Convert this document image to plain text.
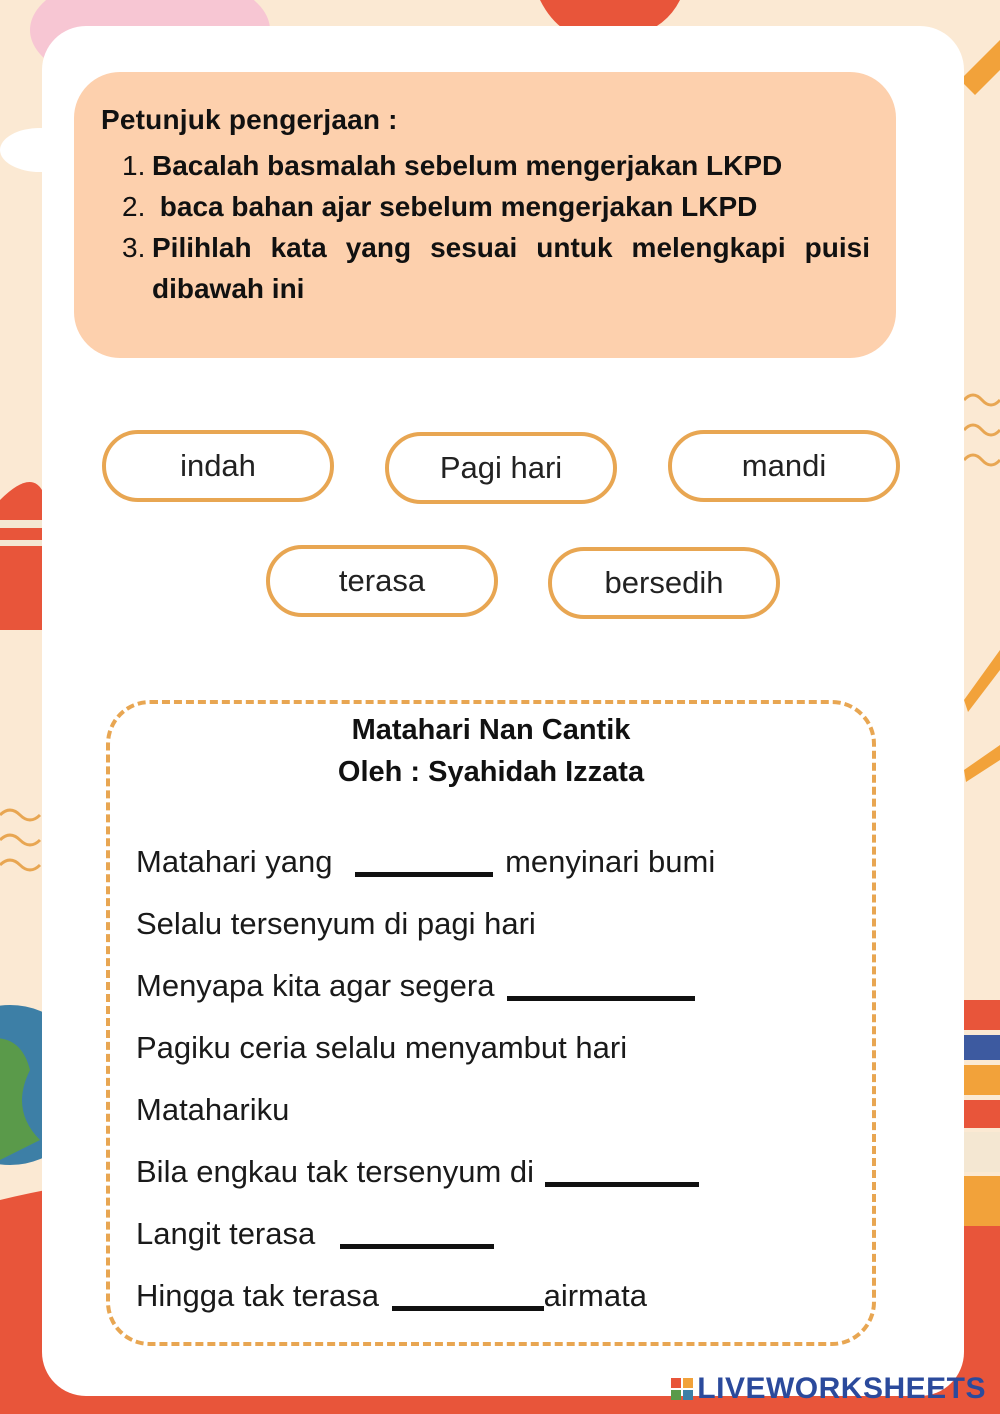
Petunjuk pengerjaan :

1. Bacalah basmalah sebelum mengerjakan LKPD
2. baca bahan ajar sebelum mengerjakan LKPD
3. Pilihlah kata yang sesuai untuk melengkapi puisi dibawah ini
indah	Pagi hari	mandi
terasa	bersedih

Matahari Nan Cantik

Oleh : Syahidah Izzata

Matahari yang	menyinari bumi
Selalu tersenyum di pagi hari
Menyapa kita agar segera
Pagiku ceria selalu menyambut hari
Matahariku
Bila engkau tak tersenyum di
Langit terasa
Hingga tak terasa	airmata
LIVEWORKSHEETS
